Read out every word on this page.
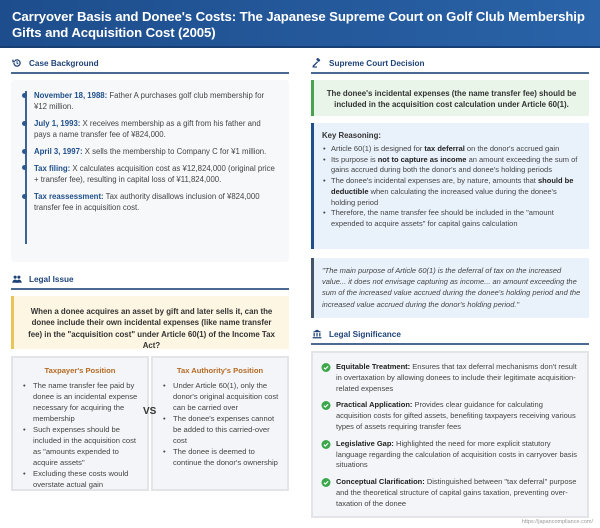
Carryover Basis and Donee's Costs: The Japanese Supreme Court on Golf Club Membership Gifts and Acquisition Cost (2005)
Case Background
November 18, 1988: Father A purchases golf club membership for ¥12 million.
July 1, 1993: X receives membership as a gift from his father and pays a name transfer fee of ¥824,000.
April 3, 1997: X sells the membership to Company C for ¥1 million.
Tax filing: X calculates acquisition cost as ¥12,824,000 (original price + transfer fee), resulting in capital loss of ¥11,824,000.
Tax reassessment: Tax authority disallows inclusion of ¥824,000 transfer fee in acquisition cost.
Legal Issue
When a donee acquires an asset by gift and later sells it, can the donee include their own incidental expenses (like name transfer fee) in the "acquisition cost" under Article 60(1) of the Income Tax Act?
Taxpayer's Position
• The name transfer fee paid by donee is an incidental expense necessary for acquiring the membership
• Such expenses should be included in the acquisition cost as "amounts expended to acquire assets"
• Excluding these costs would overstate actual gain
VS
Tax Authority's Position
• Under Article 60(1), only the donor's original acquisition cost can be carried over
• The donee's expenses cannot be added to this carried-over cost
• The donee is deemed to continue the donor's ownership
Supreme Court Decision
The donee's incidental expenses (the name transfer fee) should be included in the acquisition cost calculation under Article 60(1).
Key Reasoning:
• Article 60(1) is designed for tax deferral on the donor's accrued gain
• Its purpose is not to capture as income an amount exceeding the sum of gains accrued during both the donor's and donee's holding periods
• The donee's incidental expenses are, by nature, amounts that should be deductible when calculating the increased value during the donee's holding period
• Therefore, the name transfer fee should be included in the "amount expended to acquire assets" for capital gains calculation
"The main purpose of Article 60(1) is the deferral of tax on the increased value... it does not envisage capturing as income... an amount exceeding the sum of the increased value accrued during the donee's holding period and the increased value accrued during the donor's holding period."
Legal Significance
Equitable Treatment: Ensures that tax deferral mechanisms don't result in overtaxation by allowing donees to include their legitimate acquisition-related expenses
Practical Application: Provides clear guidance for calculating acquisition costs for gifted assets, benefiting taxpayers receiving various types of assets requiring transfer fees
Legislative Gap: Highlighted the need for more explicit statutory language regarding the calculation of acquisition costs in carryover basis situations
Conceptual Clarification: Distinguished between "tax deferral" purpose and the theoretical structure of capital gains taxation, preventing over-taxation of the donee
https://japancompliance.com/
